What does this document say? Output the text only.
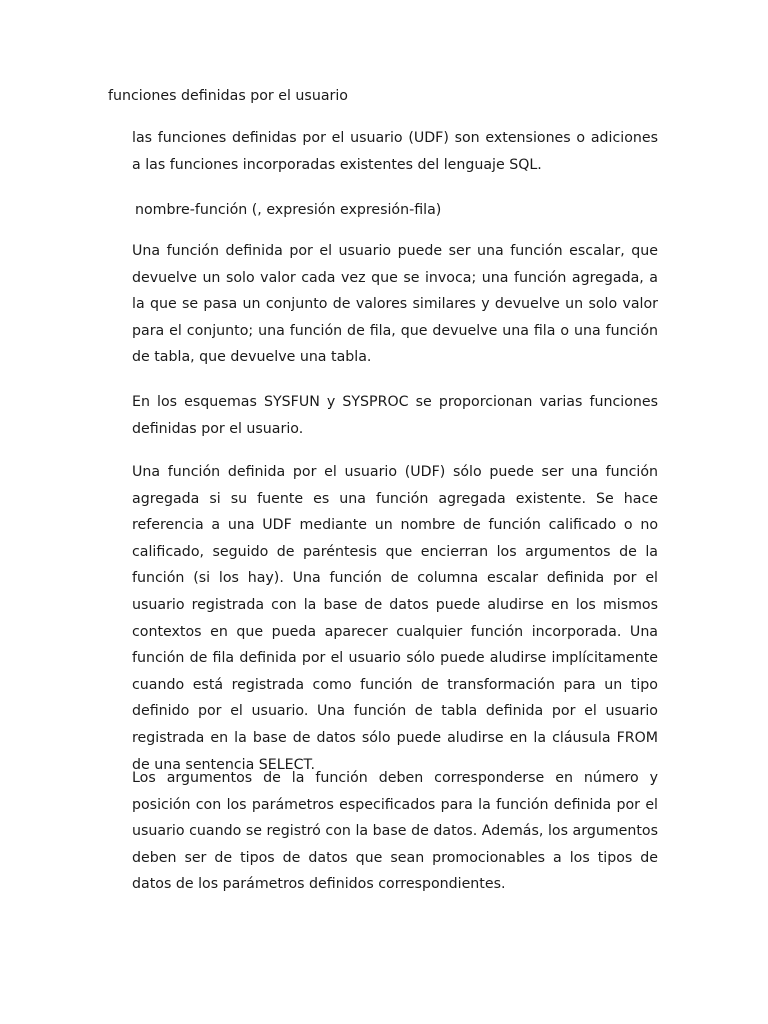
funciones definidas por el usuario

las funciones definidas por el usuario (UDF) son extensiones o adiciones a las funciones incorporadas existentes del lenguaje SQL.

nombre-función (, expresión expresión-fila)

Una función definida por el usuario puede ser una función escalar, que devuelve un solo valor cada vez que se invoca; una función agregada, a la que se pasa un conjunto de valores similares y devuelve un solo valor para el conjunto; una función de fila, que devuelve una fila o una función de tabla, que devuelve una tabla.

En los esquemas SYSFUN y SYSPROC se proporcionan varias funciones definidas por el usuario.

Una función definida por el usuario (UDF) sólo puede ser una función agregada si su fuente es una función agregada existente. Se hace referencia a una UDF mediante un nombre de función calificado o no calificado, seguido de paréntesis que encierran los argumentos de la función (si los hay). Una función de columna escalar definida por el usuario registrada con la base de datos puede aludirse en los mismos contextos en que pueda aparecer cualquier función incorporada. Una función de fila definida por el usuario sólo puede aludirse implícitamente cuando está registrada como función de transformación para un tipo definido por el usuario. Una función de tabla definida por el usuario registrada en la base de datos sólo puede aludirse en la cláusula FROM de una sentencia SELECT.

Los argumentos de la función deben corresponderse en número y posición con los parámetros especificados para la función definida por el usuario cuando se registró con la base de datos. Además, los argumentos deben ser de tipos de datos que sean promocionables a los tipos de datos de los parámetros definidos correspondientes.
